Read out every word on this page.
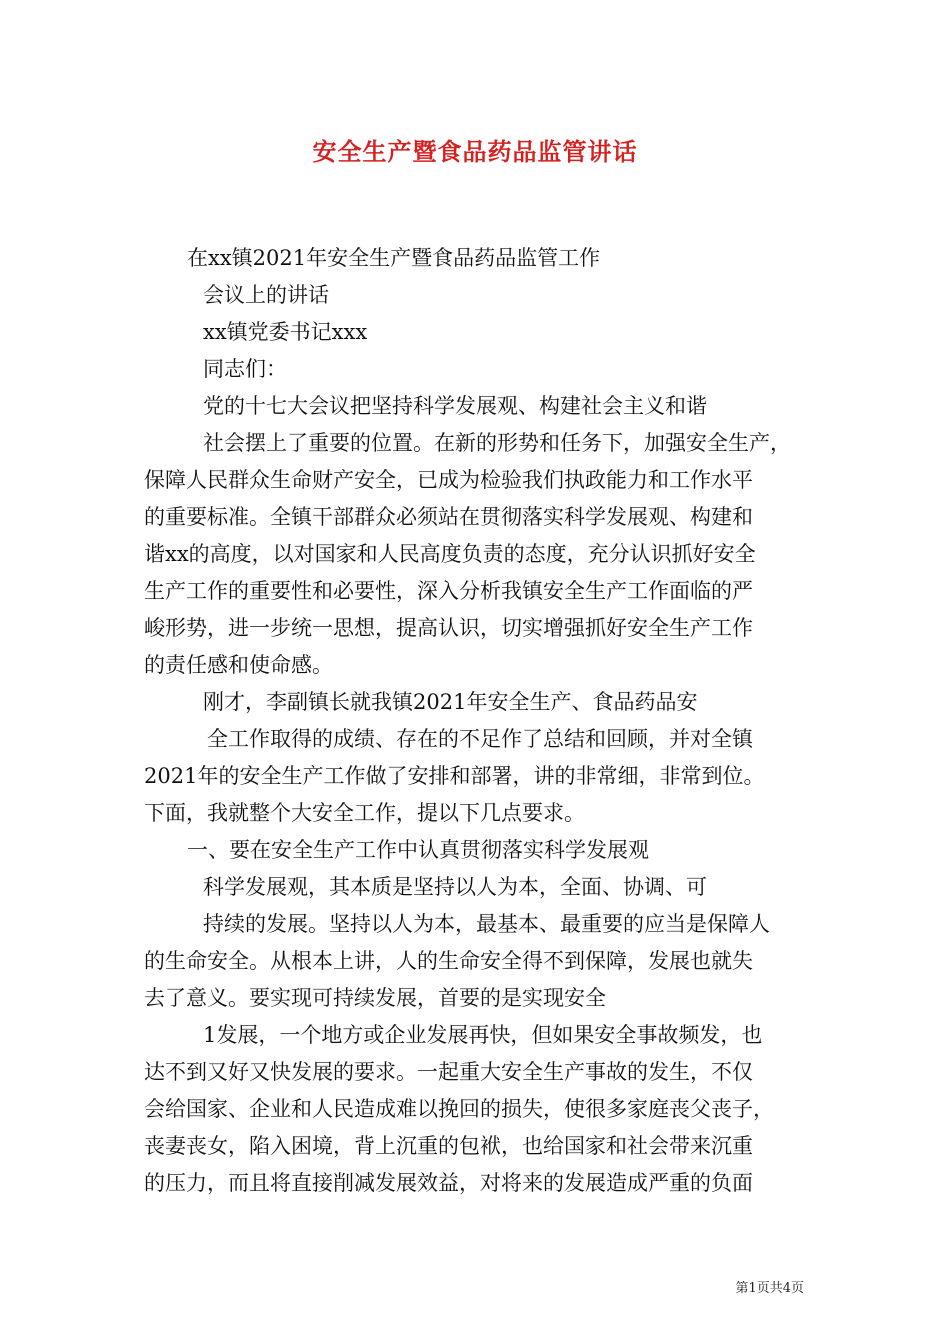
安全生产暨食品药品监管讲话
在xx镇2021年安全生产暨食品药品监管工作
会议上的讲话
xx镇党委书记xxx
同志们：
党的十七大会议把坚持科学发展观、构建社会主义和谐
社会摆上了重要的位置。在新的形势和任务下，加强安全生产，
保障人民群众生命财产安全，已成为检验我们执政能力和工作水平
的重要标准。全镇干部群众必须站在贯彻落实科学发展观、构建和
谐xx的高度，以对国家和人民高度负责的态度，充分认识抓好安全
生产工作的重要性和必要性，深入分析我镇安全生产工作面临的严
峻形势，进一步统一思想，提高认识，切实增强抓好安全生产工作
的责任感和使命感。
刚才，李副镇长就我镇2021年安全生产、食品药品安
全工作取得的成绩、存在的不足作了总结和回顾，并对全镇
2021年的安全生产工作做了安排和部署，讲的非常细，非常到位。
下面，我就整个大安全工作，提以下几点要求。
一、要在安全生产工作中认真贯彻落实科学发展观
科学发展观，其本质是坚持以人为本，全面、协调、可
持续的发展。坚持以人为本，最基本、最重要的应当是保障人
的生命安全。从根本上讲，人的生命安全得不到保障，发展也就失
去了意义。要实现可持续发展，首要的是实现安全
1发展，一个地方或企业发展再快，但如果安全事故频发，也
达不到又好又快发展的要求。一起重大安全生产事故的发生，不仅
会给国家、企业和人民造成难以挽回的损失，使很多家庭丧父丧子，
丧妻丧女，陷入困境，背上沉重的包袱，也给国家和社会带来沉重
的压力，而且将直接削减发展效益，对将来的发展造成严重的负面
第1页共4页
